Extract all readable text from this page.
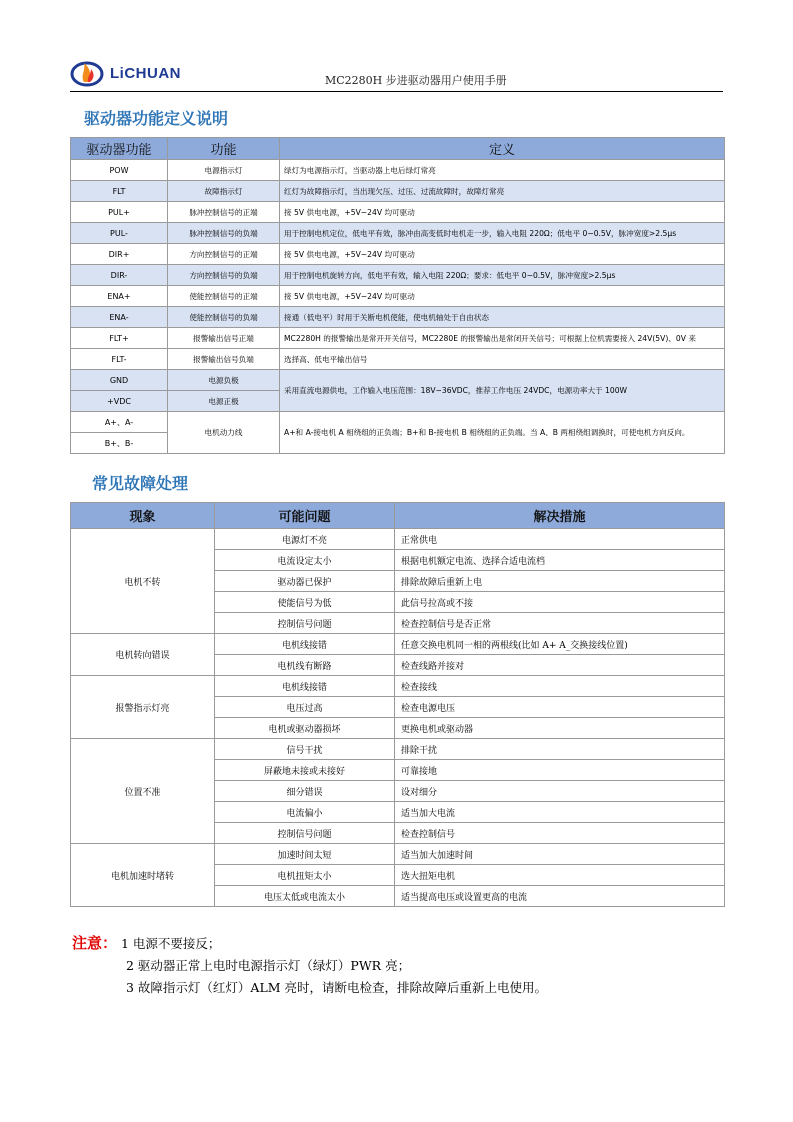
LiCHUAN	MC2280H 步进驱动器用户使用手册
驱动器功能定义说明
驱动器功能	功能	定义
POW	电源指示灯	绿灯为电源指示灯，当驱动器上电后绿灯常亮
FLT	故障指示灯	红灯为故障指示灯，当出现欠压、过压、过流故障时，故障灯常亮
PUL+	脉冲控制信号的正端	接 5V 供电电源，+5V~24V 均可驱动
PUL-	脉冲控制信号的负端	用于控制电机定位，低电平有效，脉冲由高变低时电机走一步，输入电阻 220Ω；低电平 0~0.5V，脉冲宽度>2.5μs
DIR+	方向控制信号的正端	接 5V 供电电源，+5V~24V 均可驱动
DIR-	方向控制信号的负端	用于控制电机旋转方向，低电平有效，输入电阻 220Ω；要求：低电平 0~0.5V，脉冲宽度>2.5μs
ENA+	使能控制信号的正端	接 5V 供电电源，+5V~24V 均可驱动
ENA-	使能控制信号的负端	接通（低电平）时用于关断电机使能，使电机轴处于自由状态
FLT+	报警输出信号正端	MC2280H 的报警输出是常开开关信号，MC2280E 的报警输出是常闭开关信号；可根据上位机需要接入 24V(5V)、0V 来
FLT-	报警输出信号负端	选择高、低电平输出信号
GND	电源负极	采用直流电源供电，工作输入电压范围：18V~36VDC，推荐工作电压 24VDC，电源功率大于 100W
+VDC	电源正极	
A+、A-	电机动力线	A+和 A-接电机 A 相绕组的正负端；B+和 B-接电机 B 相绕组的正负端。当 A、B 两相绕组调换时，可使电机方向反向。
B+、B-		
常见故障处理
现象	可能问题	解决措施
电机不转	电源灯不亮	正常供电
	电流设定太小	根据电机额定电流、选择合适电流档
	驱动器已保护	排除故障后重新上电
	使能信号为低	此信号拉高或不接
	控制信号问题	检查控制信号是否正常
电机转向错误	电机线接错	任意交换电机同一相的两根线(比如 A+ A_交换接线位置)
	电机线有断路	检查线路并接对
报警指示灯亮	电机线接错	检查接线
	电压过高	检查电源电压
	电机或驱动器损坏	更换电机或驱动器
位置不准	信号干扰	排除干扰
	屏蔽地未接或未接好	可靠接地
	细分错误	设对细分
	电流偏小	适当加大电流
	控制信号问题	检查控制信号
电机加速时堵转	加速时间太短	适当加大加速时间
	电机扭矩太小	选大扭矩电机
	电压太低或电流太小	适当提高电压或设置更高的电流
注意： 1 电源不要接反；
2 驱动器正常上电时电源指示灯（绿灯）PWR 亮；
3 故障指示灯（红灯）ALM 亮时，请断电检查，排除故障后重新上电使用。
